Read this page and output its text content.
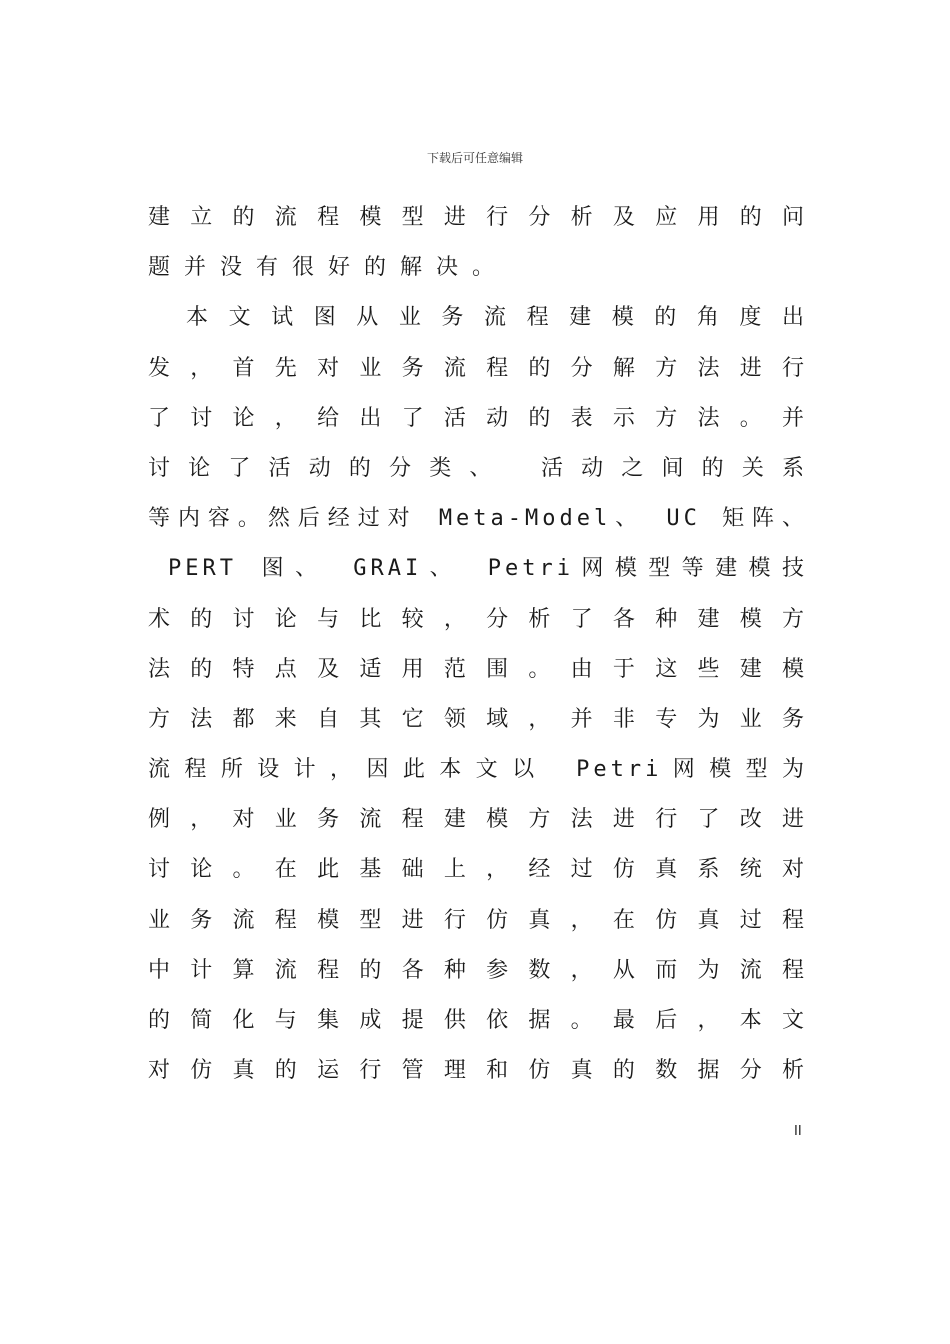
下载后可任意编辑
建立的流程模型进行分析及应用的问
题并没有很好的解决。
本文试图从业务流程建模的角度出
发，首先对业务流程的分解方法进行
了讨论，给出了活动的表示方法。并
讨论了活动的分类、 活动之间的关系
等内容。然后经过对 Meta-Model、 UC 矩阵、
PERT 图、 GRAI、 Petri网模型等建模技
术的讨论与比较，分析了各种建模方
法的特点及适用范围。由于这些建模
方法都来自其它领域，并非专为业务
流程所设计，因此本文以 Petri网模型为
例，对业务流程建模方法进行了改进
讨论。在此基础上，经过仿真系统对
业务流程模型进行仿真，在仿真过程
中计算流程的各种参数，从而为流程
的简化与集成提供依据。最后，本文
对仿真的运行管理和仿真的数据分析
II
